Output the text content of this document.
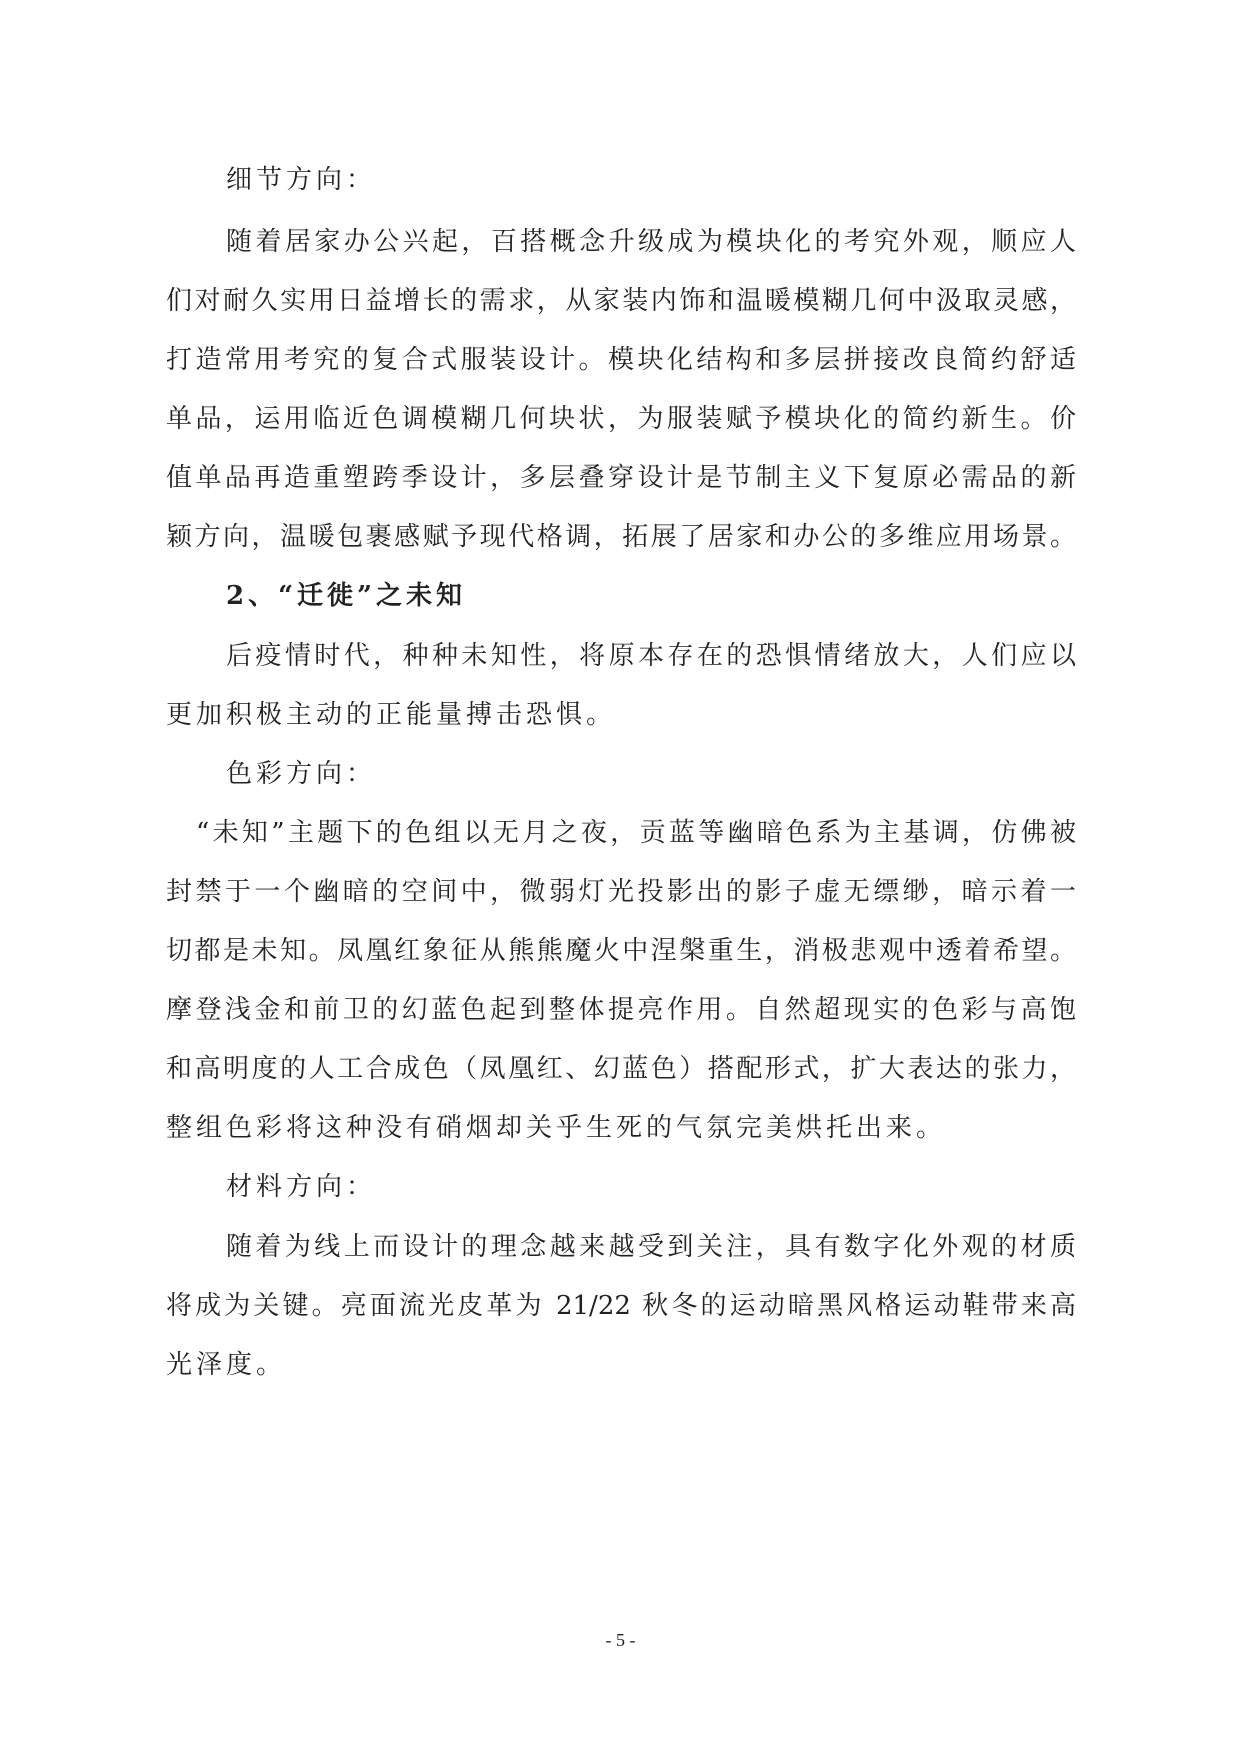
细节方向：
随着居家办公兴起，百搭概念升级成为模块化的考究外观，顺应人
们对耐久实用日益增长的需求，从家装内饰和温暖模糊几何中汲取灵感，
打造常用考究的复合式服装设计。模块化结构和多层拼接改良简约舒适
单品，运用临近色调模糊几何块状，为服装赋予模块化的简约新生。价
值单品再造重塑跨季设计，多层叠穿设计是节制主义下复原必需品的新
颖方向，温暖包裹感赋予现代格调，拓展了居家和办公的多维应用场景。
2、“迁徙”之未知
后疫情时代，种种未知性，将原本存在的恐惧情绪放大，人们应以
更加积极主动的正能量搏击恐惧。
色彩方向：
“未知”主题下的色组以无月之夜，贡蓝等幽暗色系为主基调，仿佛被
封禁于一个幽暗的空间中，微弱灯光投影出的影子虚无缥缈，暗示着一
切都是未知。凤凰红象征从熊熊魔火中涅槃重生，消极悲观中透着希望。
摩登浅金和前卫的幻蓝色起到整体提亮作用。自然超现实的色彩与高饱
和高明度的人工合成色（凤凰红、幻蓝色）搭配形式，扩大表达的张力，
整组色彩将这种没有硝烟却关乎生死的气氛完美烘托出来。
材料方向：
随着为线上而设计的理念越来越受到关注，具有数字化外观的材质
将成为关键。亮面流光皮革为 21/22 秋冬的运动暗黑风格运动鞋带来高
光泽度。
- 5 -
